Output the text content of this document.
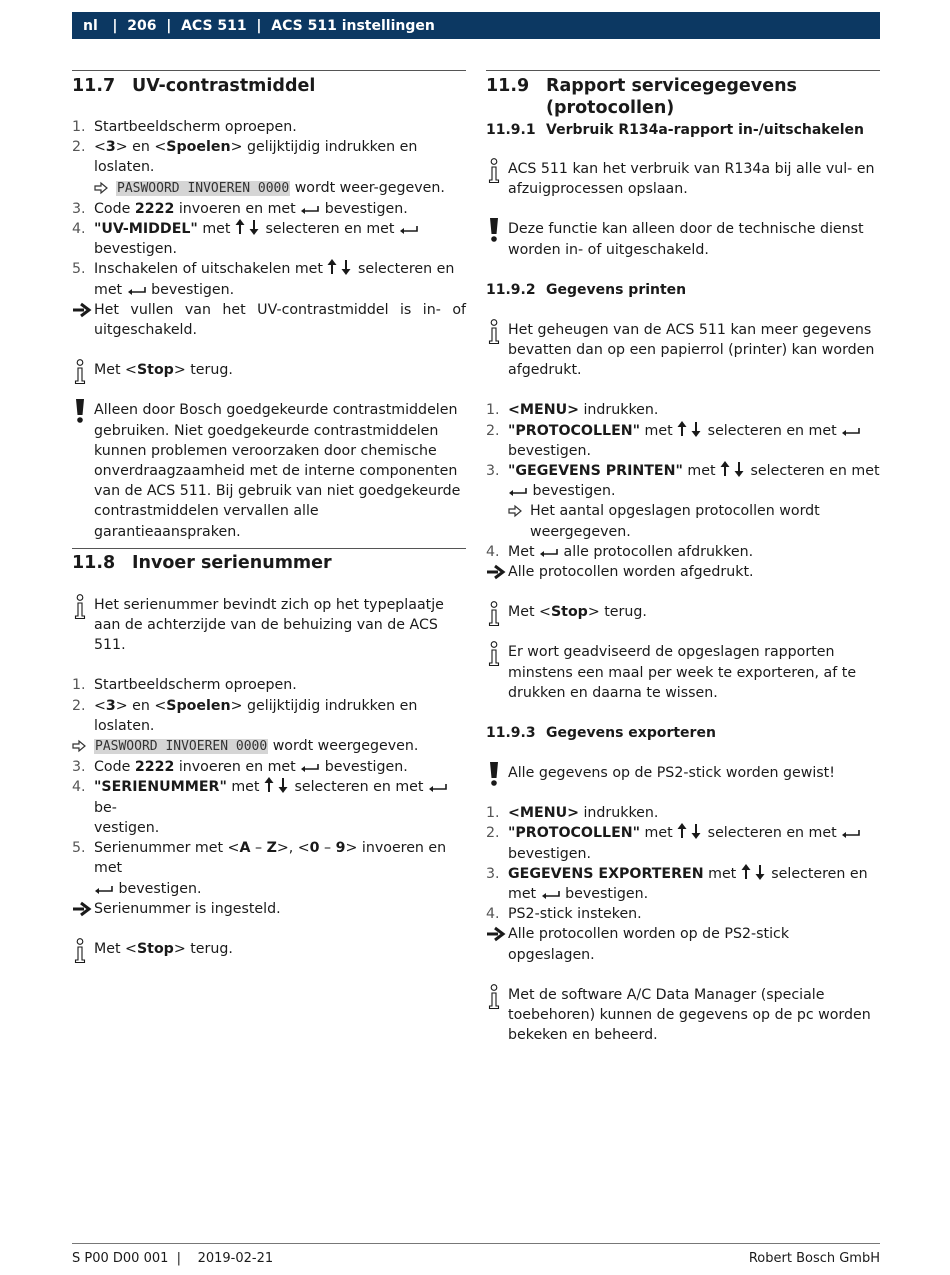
nl | 206 | ACS 511 | ACS 511 instellingen
11.7 UV-contrastmiddel
1. Startbeeldscherm oproepen.
2. <3> en <Spoelen> gelijktijdig indrukken en loslaten.
PASWOORD INVOEREN 0000 wordt weer-gegeven.
3. Code 2222 invoeren en met  bevestigen.
4. "UV-MIDDEL" met  selecteren en met
bevestigen.
5. Inschakelen of uitschakelen met  selecteren en
met  bevestigen.
Het vullen van het UV-contrastmiddel is in- of
uitgeschakeld.
Met <Stop> terug.
Alleen door Bosch goedgekeurde contrastmiddelen gebruiken. Niet goedgekeurde contrastmiddelen kunnen problemen veroorzaken door chemische onverdraagzaamheid met de interne componenten van de ACS 511. Bij gebruik van niet goedgekeurde contrastmiddelen vervallen alle garantieaanspraken.
11.8 Invoer serienummer
Het serienummer bevindt zich op het typeplaatje aan de achterzijde van de behuizing van de ACS 511.
1. Startbeeldscherm oproepen.
2. <3> en <Spoelen> gelijktijdig indrukken en loslaten.
PASWOORD INVOEREN 0000 wordt weergegeven.
3. Code 2222 invoeren en met  bevestigen.
4. "SERIENUMMER" met  selecteren en met  be-
vestigen.
5. Serienummer met <A – Z>, <0 – 9> invoeren en met
bevestigen.
Serienummer is ingesteld.
Met <Stop> terug.
11.9 Rapport servicegegevens (protocollen)
11.9.1 Verbruik R134a-rapport in-/uitschakelen
ACS 511 kan het verbruik van R134a bij alle vul- en afzuigprocessen opslaan.
Deze functie kan alleen door de technische dienst worden in- of uitgeschakeld.
11.9.2 Gegevens printen
Het geheugen van de ACS 511 kan meer gegevens bevatten dan op een papierrol (printer) kan worden afgedrukt.
1. <MENU> indrukken.
2. "PROTOCOLLEN" met  selecteren en met
bevestigen.
3. "GEGEVENS PRINTEN" met  selecteren en met
bevestigen.
Het aantal opgeslagen protocollen wordt weergegeven.
4. Met  alle protocollen afdrukken.
Alle protocollen worden afgedrukt.
Met <Stop> terug.
Er wort geadviseerd de opgeslagen rapporten minstens een maal per week te exporteren, af te drukken en daarna te wissen.
11.9.3 Gegevens exporteren
Alle gegevens op de PS2-stick worden gewist!
1. <MENU> indrukken.
2. "PROTOCOLLEN" met  selecteren en met
bevestigen.
3. GEGEVENS EXPORTEREN met  selecteren en
met  bevestigen.
4. PS2-stick insteken.
Alle protocollen worden op de PS2-stick opgeslagen.
Met de software A/C Data Manager (speciale toebehoren) kunnen de gegevens op de pc worden bekeken en beheerd.
S P00 D00 001  |    2019-02-21	Robert Bosch GmbH
